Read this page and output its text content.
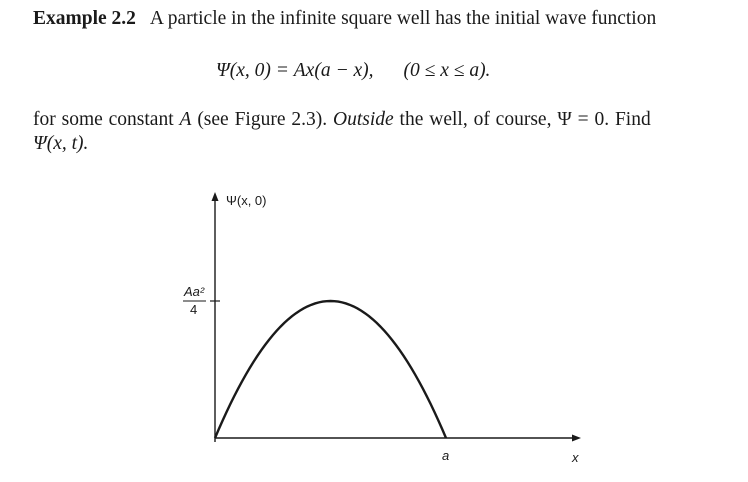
Example 2.2 A particle in the infinite square well has the initial wave function
Ψ(x, 0) = Ax(a − x), (0 ≤ x ≤ a).
for some constant A (see Figure 2.3). Outside the well, of course, Ψ = 0. Find
Ψ(x, t).
Ψ(x, 0)
x
a
Aa²
4
